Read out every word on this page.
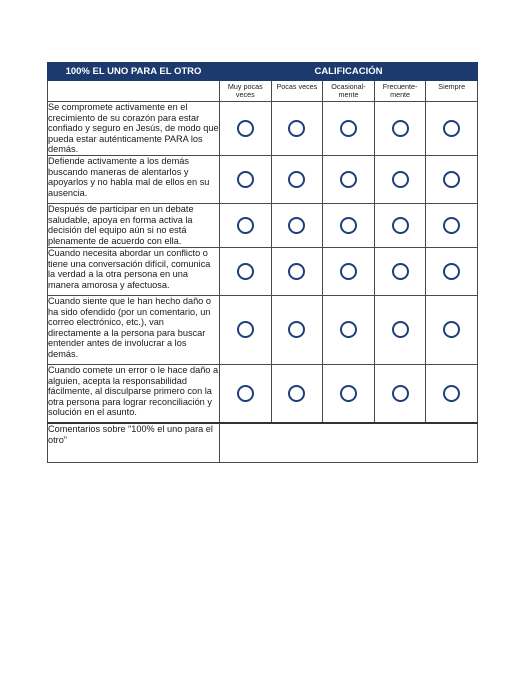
100% EL UNO PARA EL OTRO	CALIFICACIÓN				
	Muy pocas veces	Pocas veces	Ocasional-mente	Frecuente-mente	Siempre
Se compromete activamente en el crecimiento de su corazón para estar confiado y seguro en Jesús, de modo que pueda estar auténticamente PARA los demás.					
Defiende activamente a los demás buscando maneras de alentarlos y apoyarlos y no habla mal de ellos en su ausencia.					
Después de participar en un debate saludable, apoya en forma activa la decisión del equipo aún si no está plenamente de acuerdo con ella.					
Cuando necesita abordar un conflicto o tiene una conversación difícil, comunica la verdad a la otra persona en una manera amorosa y afectuosa.					
Cuando siente que le han hecho daño o ha sido ofendido (por un comentario, un correo electrónico, etc.), van directamente a la persona para buscar entender antes de involucrar a los demás.					
Cuando comete un error o le hace daño a alguien, acepta la responsabilidad fácilmente, al disculparse primero con la otra persona para lograr reconciliación y solución en el asunto.					
Comentarios sobre “100% el uno para el otro”					
